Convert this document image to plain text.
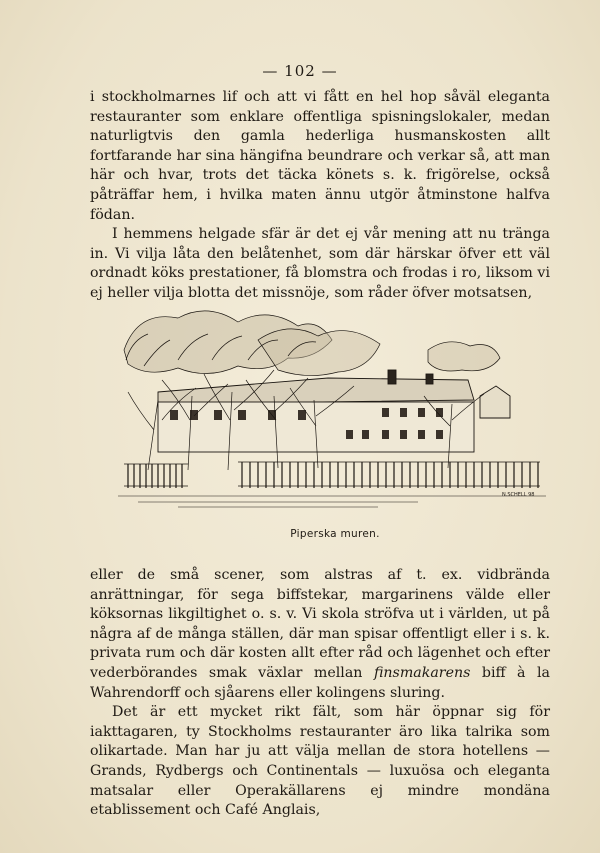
— 102 —

i stockholmarnes lif och att vi fått en hel hop såväl eleganta restauranter som enklare offentliga spisningslokaler, medan naturligtvis den gamla hederliga husmanskosten allt fortfarande har sina hängifna beundrare och verkar så, att man här och hvar, trots det täcka könets s. k. frigörelse, också påträffar hem, i hvilka maten ännu utgör åtminstone halfva födan.

I hemmens helgade sfär är det ej vår mening att nu tränga in. Vi vilja låta den belåtenhet, som där härskar öfver ett väl ordnadt köks prestationer, få blomstra och frodas i ro, liksom vi ej heller vilja blotta det missnöje, som råder öfver motsatsen,

N.SCHELL 98
Piperska muren.

eller de små scener, som alstras af t. ex. vidbrända anrättningar, för sega biffstekar, margarinens välde eller köksornas likgiltighet o. s. v. Vi skola ströfva ut i världen, ut på några af de många ställen, där man spisar offentligt eller i s. k. privata rum och där kosten allt efter råd och lägenhet och efter vederbörandes smak växlar mellan finsmakarens biff à la Wahrendorff och sjåarens eller kolingens sluring.

Det är ett mycket rikt fält, som här öppnar sig för iakttagaren, ty Stockholms restauranter äro lika talrika som olikartade. Man har ju att välja mellan de stora hotellens — Grands, Rydbergs och Continentals — luxuösa och eleganta matsalar eller Operakällarens ej mindre mondäna etablissement och Café Anglais,
